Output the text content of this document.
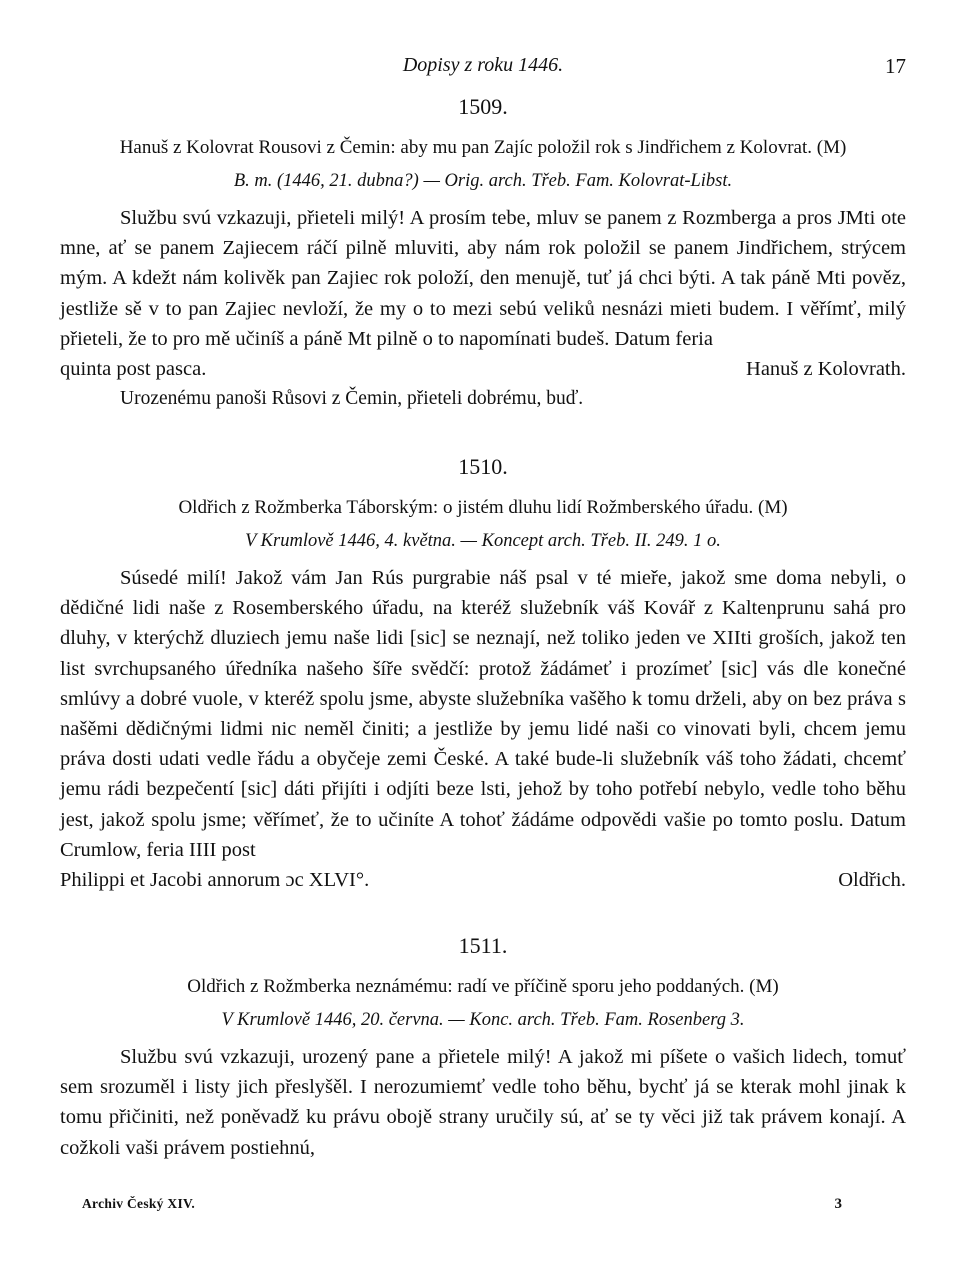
Dopisy z roku 1446.	17
1509.

Hanuš z Kolovrat Rousovi z Čemin: aby mu pan Zajíc položil rok s Jindřichem z Kolovrat. (M)

B. m. (1446, 21. dubna?) — Orig. arch. Třeb. Fam. Kolovrat-Libst.

Službu svú vzkazuji, přieteli milý! A prosím tebe, mluv se panem z Rozmberga a pros JMti ote mne, ať se panem Zajiecem ráčí pilně mluviti, aby nám rok položil se panem Jindřichem, strýcem mým. A kdežt nám kolivěk pan Zajiec rok položí, den menujě, tuť já chci býti. A tak páně Mti pověz, jestliže sě v to pan Zajiec nevloží, že my o to mezi sebú veliků nesnázi mieti budem. I věřímť, milý přieteli, že to pro mě učiníš a páně Mt pilně o to napomínati budeš. Datum feria

quinta post pasca.	Hanuš z Kolovrath.

Urozenému panoši Růsovi z Čemin, přieteli dobrému, buď.

1510.

Oldřich z Rožmberka Táborským: o jistém dluhu lidí Rožmberského úřadu. (M)

V Krumlově 1446, 4. května. — Koncept arch. Třeb. II. 249. 1 o.

Súsedé milí! Jakož vám Jan Rús purgrabie náš psal v té mieře, jakož sme doma nebyli, o dědičné lidi naše z Rosemberského úřadu, na kteréž služebník váš Kovář z Kaltenprunu sahá pro dluhy, v kterýchž dluziech jemu naše lidi [sic] se neznají, než toliko jeden ve XIIti groších, jakož ten list svrchupsaného úředníka našeho šíře svědčí: protož žádámeť i prozímeť [sic] vás dle konečné smlúvy a dobré vuole, v kteréž spolu jsme, abyste služebníka vašěho k tomu drželi, aby on bez práva s našěmi dědičnými lidmi nic neměl činiti; a jestliže by jemu lidé naši co vinovati byli, chcem jemu práva dosti udati vedle řádu a obyčeje zemi České. A také bude-li služebník váš toho žádati, chcemť jemu rádi bezpečentí [sic] dáti přijíti i odjíti beze lsti, jehož by toho potřebí nebylo, vedle toho běhu jest, jakož spolu jsme; věřímeť, že to učiníte A tohoť žádáme odpovědi vašie po tomto poslu. Datum Crumlow, feria IIII post

Philippi et Jacobi annorum ɔc XLVI°.	Oldřich.
1511.

Oldřich z Rožmberka neznámému: radí ve příčině sporu jeho poddaných. (M)

V Krumlově 1446, 20. června. — Konc. arch. Třeb. Fam. Rosenberg 3.

Službu svú vzkazuji, urozený pane a přietele milý! A jakož mi píšete o vašich lidech, tomuť sem srozuměl i listy jich přeslyšěl. I nerozumiemť vedle toho běhu, bychť já se kterak mohl jinak k tomu přičiniti, než poněvadž ku právu obojě strany uručily sú, ať se ty věci již tak právem konají. A cožkoli vaši právem postiehnú,

Archiv Český XIV.	3
